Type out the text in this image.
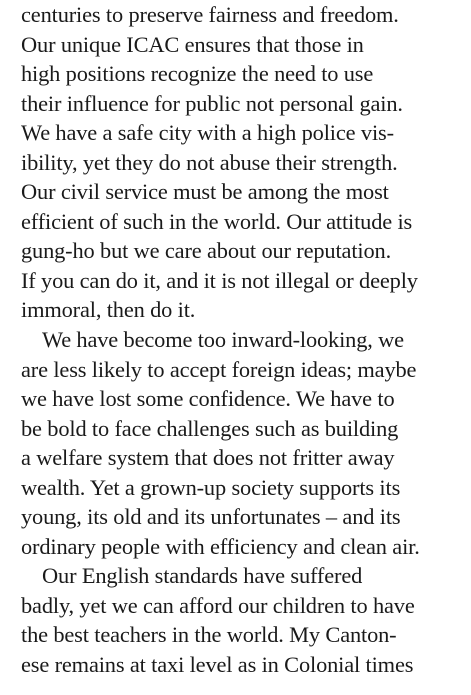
centuries to preserve fairness and freedom.
Our unique ICAC ensures that those in
high positions recognize the need to use
their influence for public not personal gain.
We have a safe city with a high police vis-
ibility, yet they do not abuse their strength.
Our civil service must be among the most
efficient of such in the world. Our attitude is
gung-ho but we care about our reputation.
If you can do it, and it is not illegal or deeply
immoral, then do it.
We have become too inward-looking, we
are less likely to accept foreign ideas; maybe
we have lost some confidence. We have to
be bold to face challenges such as building
a welfare system that does not fritter away
wealth. Yet a grown-up society supports its
young, its old and its unfortunates – and its
ordinary people with efficiency and clean air.
Our English standards have suffered
badly, yet we can afford our children to have
the best teachers in the world. My Canton-
ese remains at taxi level as in Colonial times
